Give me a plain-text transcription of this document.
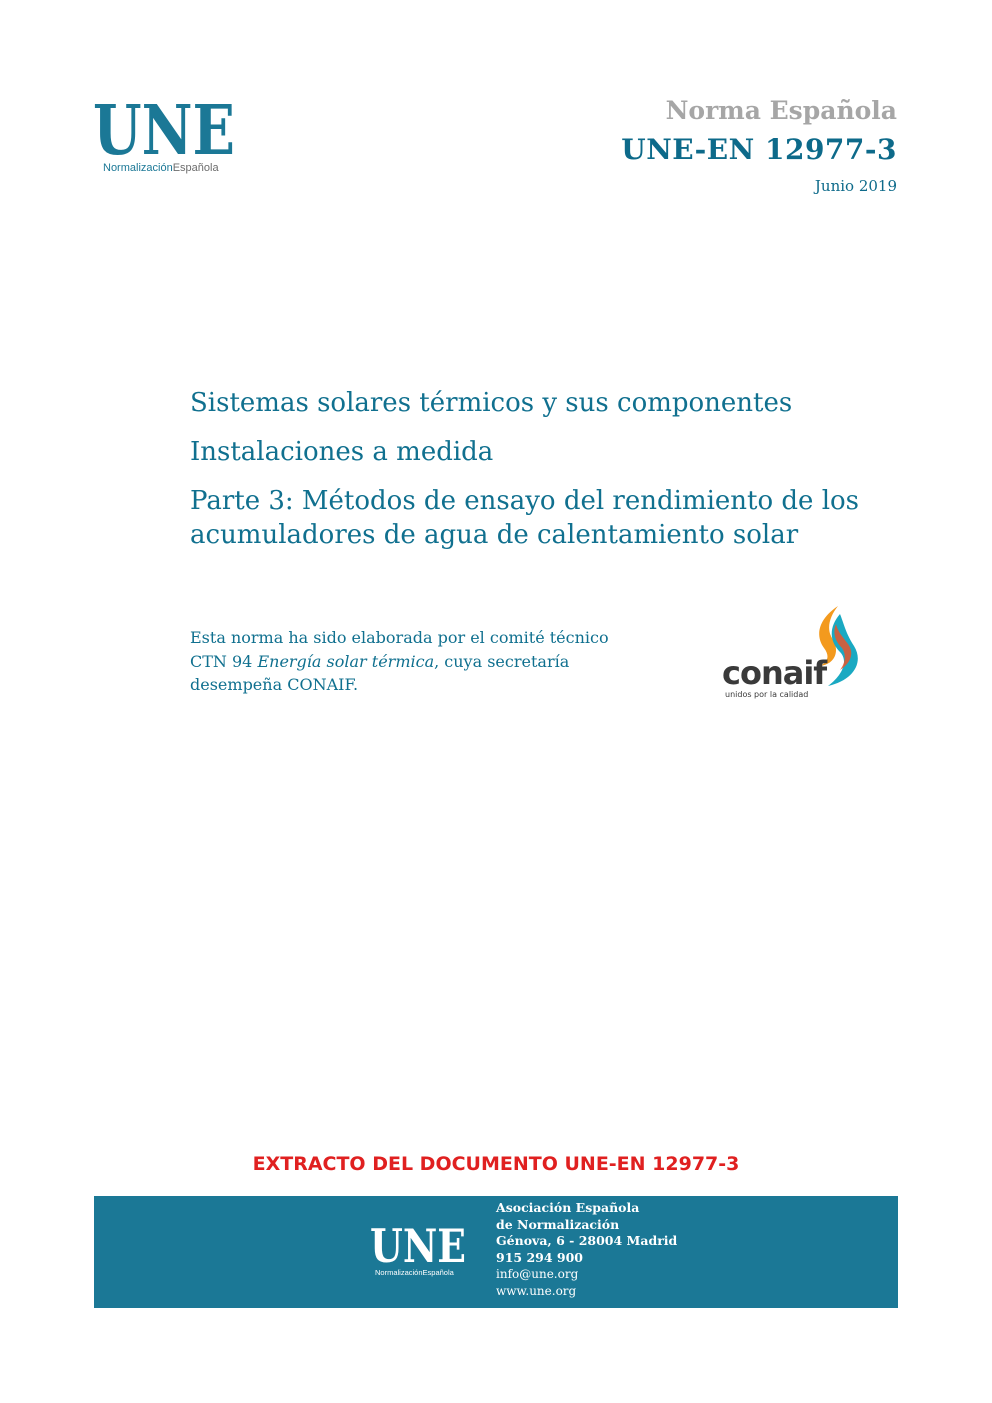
UNE
NormalizaciónEspañola
Norma Española
UNE-EN 12977-3
Junio 2019
Sistemas solares térmicos y sus componentes
Instalaciones a medida
Parte 3: Métodos de ensayo del rendimiento de los
acumuladores de agua de calentamiento solar
Esta norma ha sido elaborada por el comité técnico
CTN 94 Energía solar térmica, cuya secretaría
desempeña CONAIF.	conaif
unidos por la calidad
EXTRACTO DEL DOCUMENTO UNE-EN 12977-3
UNE
NormalizaciónEspañola
Asociación Española
de Normalización
Génova, 6 - 28004 Madrid
915 294 900
info@une.org
www.une.org
